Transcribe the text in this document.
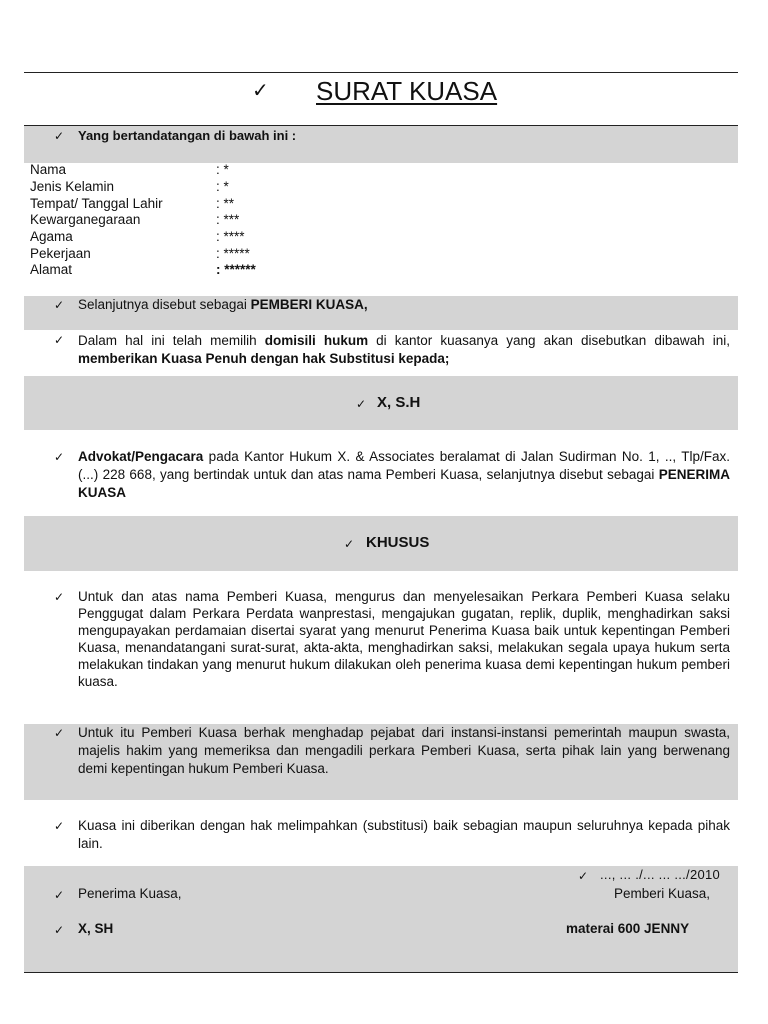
✓ SURAT KUASA
✓ Yang bertandatangan di bawah ini :
Nama	: *
Jenis Kelamin	: *
Tempat/ Tanggal Lahir	: **
Kewarganegaraan	: ***
Agama	: ****
Pekerjaan	: *****
Alamat	: ******
✓ Selanjutnya disebut sebagai PEMBERI KUASA,
✓ Dalam hal ini telah memilih domisili hukum di kantor kuasanya yang akan disebutkan dibawah ini, memberikan Kuasa Penuh dengan hak Substitusi kepada;
✓ X, S.H
✓ Advokat/Pengacara pada Kantor Hukum X. & Associates beralamat di Jalan Sudirman No. 1, .., Tlp/Fax. (...) 228 668, yang bertindak untuk dan atas nama Pemberi Kuasa, selanjutnya disebut sebagai PENERIMA KUASA
✓ KHUSUS
✓ Untuk dan atas nama Pemberi Kuasa, mengurus dan menyelesaikan Perkara Pemberi Kuasa selaku Penggugat dalam Perkara Perdata wanprestasi, mengajukan gugatan, replik, duplik, menghadirkan saksi mengupayakan perdamaian disertai syarat yang menurut Penerima Kuasa baik untuk kepentingan Pemberi Kuasa, menandatangani surat-surat, akta-akta, menghadirkan saksi, melakukan segala upaya hukum serta melakukan tindakan yang menurut hukum dilakukan oleh penerima kuasa demi kepentingan hukum pemberi kuasa.
✓ Untuk itu Pemberi Kuasa berhak menghadap pejabat dari instansi-instansi pemerintah maupun swasta, majelis hakim yang memeriksa dan mengadili perkara Pemberi Kuasa, serta pihak lain yang berwenang demi kepentingan hukum Pemberi Kuasa.
✓ Kuasa ini diberikan dengan hak melimpahkan (substitusi) baik sebagian maupun seluruhnya kepada pihak lain.
✓ ..., ... ./... ... .../2010
✓ Penerima Kuasa,	Pemberi Kuasa,
✓ X, SH	materai 600 JENNY
